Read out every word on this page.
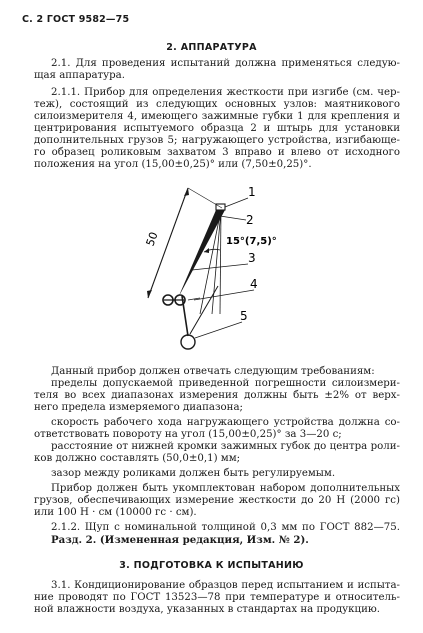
С. 2 ГОСТ 9582—75
2. АППАРАТУРА
2.1. Для проведения испытаний должна применяться следую-
щая аппаратура.
2.1.1. Прибор для определения жесткости при изгибе (см. чер-
теж), состоящий из следующих основных узлов: маятникового
силоизмерителя 4, имеющего зажимные губки 1 для крепления и
центрирования испытуемого образца 2 и штырь для установки
дополнительных грузов 5; нагружающего устройства, изгибающе-
го образец роликовым захватом 3 вправо и влево от исходного
положения на угол (15,00±0,25)° или (7,50±0,25)°.
50
1
2
15°(7,5)°
3
4
5
Данный прибор должен отвечать следующим требованиям:
пределы допускаемой приведенной погрешности силоизмери-
теля во всех диапазонах измерения должны быть ±2% от верх-
него предела измеряемого диапазона;
скорость рабочего хода нагружающего устройства должна со-
ответствовать повороту на угол (15,00±0,25)° за 3—20 с;
расстояние от нижней кромки зажимных губок до центра роли-
ков должно составлять (50,0±0,1) мм;
зазор между роликами должен быть регулируемым.
Прибор должен быть укомплектован набором дополнительных
грузов, обеспечивающих измерение жесткости до 20 Н (2000 гс)
или 100 Н · см (10000 гс · см).
2.1.2. Щуп с номинальной толщиной 0,3 мм по ГОСТ 882—75.
Разд. 2. (Измененная редакция, Изм. № 2).
3. ПОДГОТОВКА К ИСПЫТАНИЮ
3.1. Кондиционирование образцов перед испытанием и испыта-
ние проводят по ГОСТ 13523—78 при температуре и относитель-
ной влажности воздуха, указанных в стандартах на продукцию.
